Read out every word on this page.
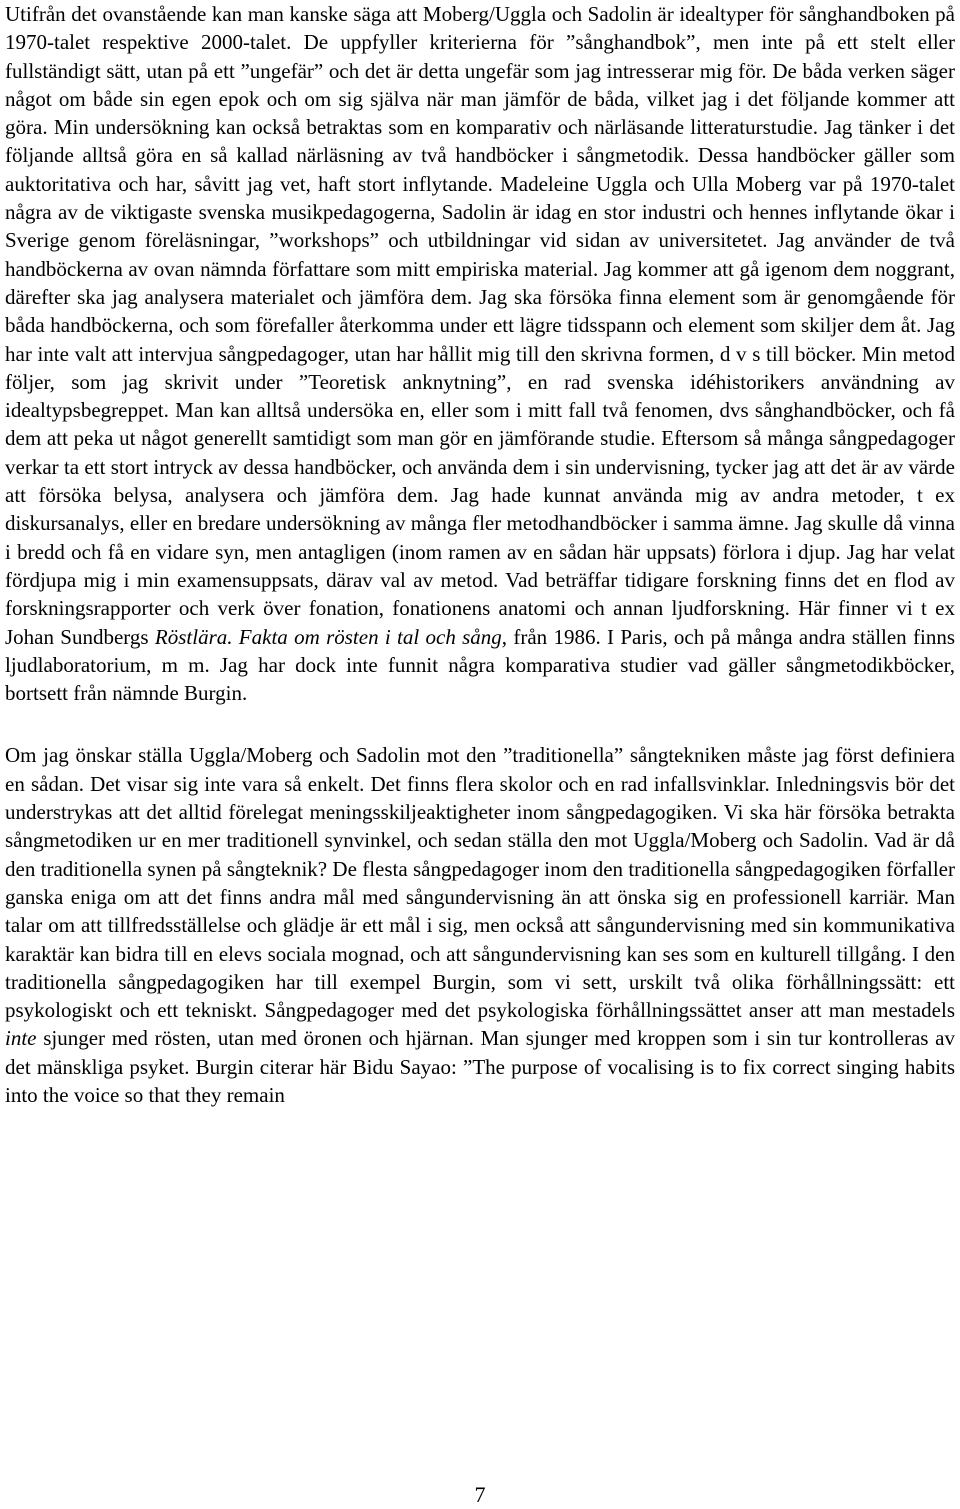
Utifrån det ovanstående kan man kanske säga att Moberg/Uggla och Sadolin är idealtyper för sånghandboken på 1970-talet respektive 2000-talet. De uppfyller kriterierna för ”sånghandbok”, men inte på ett stelt eller fullständigt sätt, utan på ett ”ungefär” och det är detta ungefär som jag intresserar mig för. De båda verken säger något om både sin egen epok och om sig själva när man jämför de båda, vilket jag i det följande kommer att göra. Min undersökning kan också betraktas som en komparativ och närläsande litteraturstudie. Jag tänker i det följande alltså göra en så kallad närläsning av två handböcker i sångmetodik. Dessa handböcker gäller som auktoritativa och har, såvitt jag vet, haft stort inflytande. Madeleine Uggla och Ulla Moberg var på 1970-talet några av de viktigaste svenska musikpedagogerna, Sadolin är idag en stor industri och hennes inflytande ökar i Sverige genom föreläsningar, ”workshops” och utbildningar vid sidan av universitetet. Jag använder de två handböckerna av ovan nämnda författare som mitt empiriska material. Jag kommer att gå igenom dem noggrant, därefter ska jag analysera materialet och jämföra dem. Jag ska försöka finna element som är genomgående för båda handböckerna, och som förefaller återkomma under ett lägre tidsspann och element som skiljer dem åt. Jag har inte valt att intervjua sångpedagoger, utan har hållit mig till den skrivna formen, d v s till böcker. Min metod följer, som jag skrivit under ”Teoretisk anknytning”, en rad svenska idéhistorikers användning av idealtypsbegreppet. Man kan alltså undersöka en, eller som i mitt fall två fenomen, dvs sånghandböcker, och få dem att peka ut något generellt samtidigt som man gör en jämförande studie. Eftersom så många sångpedagoger verkar ta ett stort intryck av dessa handböcker, och använda dem i sin undervisning, tycker jag att det är av värde att försöka belysa, analysera och jämföra dem. Jag hade kunnat använda mig av andra metoder, t ex diskursanalys, eller en bredare undersökning av många fler metodhandböcker i samma ämne. Jag skulle då vinna i bredd och få en vidare syn, men antagligen (inom ramen av en sådan här uppsats) förlora i djup. Jag har velat fördjupa mig i min examensuppsats, därav val av metod. Vad beträffar tidigare forskning finns det en flod av forskningsrapporter och verk över fonation, fonationens anatomi och annan ljudforskning. Här finner vi t ex Johan Sundbergs Röstlära. Fakta om rösten i tal och sång, från 1986. I Paris, och på många andra ställen finns ljudlaboratorium, m m. Jag har dock inte funnit några komparativa studier vad gäller sångmetodikböcker, bortsett från nämnde Burgin.

Om jag önskar ställa Uggla/Moberg och Sadolin mot den ”traditionella” sångtekniken måste jag först definiera en sådan. Det visar sig inte vara så enkelt. Det finns flera skolor och en rad infallsvinklar. Inledningsvis bör det understrykas att det alltid förelegat meningsskiljeaktigheter inom sångpedagogiken. Vi ska här försöka betrakta sångmetodiken ur en mer traditionell synvinkel, och sedan ställa den mot Uggla/Moberg och Sadolin. Vad är då den traditionella synen på sångteknik? De flesta sångpedagoger inom den traditionella sångpedagogiken förfaller ganska eniga om att det finns andra mål med sångundervisning än att önska sig en professionell karriär. Man talar om att tillfredsställelse och glädje är ett mål i sig, men också att sångundervisning med sin kommunikativa karaktär kan bidra till en elevs sociala mognad, och att sångundervisning kan ses som en kulturell tillgång. I den traditionella sångpedagogiken har till exempel Burgin, som vi sett, urskilt två olika förhållningssätt: ett psykologiskt och ett tekniskt. Sångpedagoger med det psykologiska förhållningssättet anser att man mestadels inte sjunger med rösten, utan med öronen och hjärnan. Man sjunger med kroppen som i sin tur kontrolleras av det mänskliga psyket. Burgin citerar här Bidu Sayao: ”The purpose of vocalising is to fix correct singing habits into the voice so that they remain

7
